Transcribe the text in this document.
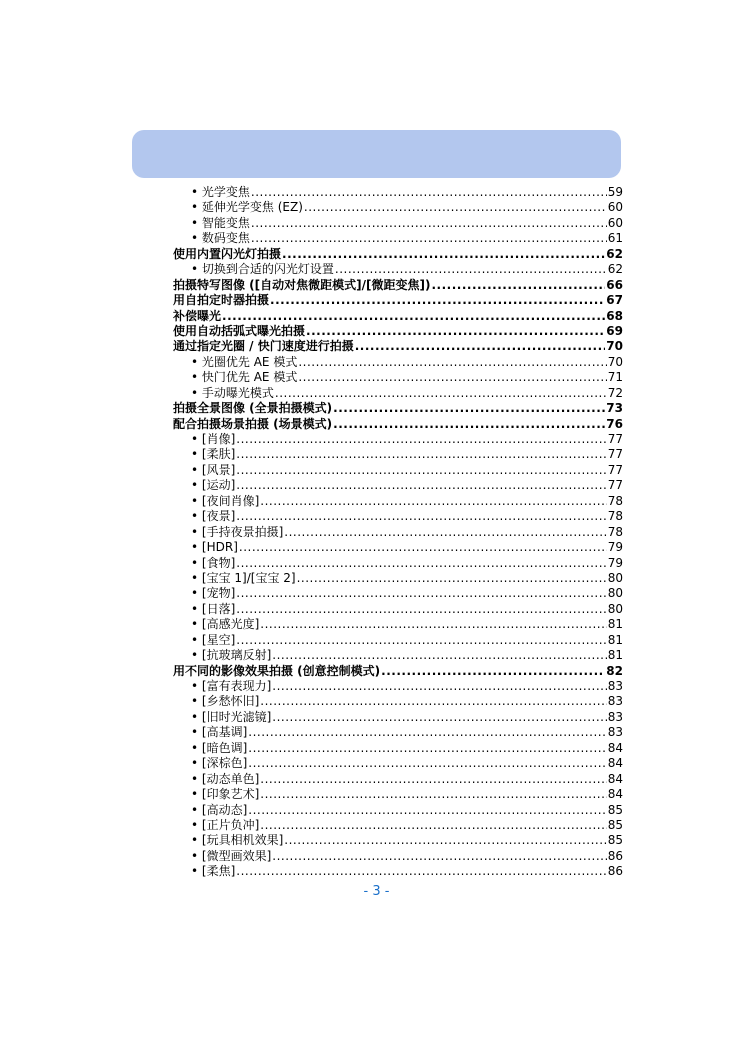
• 光学变焦 .....	59
• 延伸光学变焦 (EZ) .....	60
• 智能变焦 .....	60
• 数码变焦 .....	61
使用内置闪光灯拍摄 .....	62
• 切换到合适的闪光灯设置 .....	62
拍摄特写图像 ([自动对焦微距模式]/[微距变焦]) .....	66
用自拍定时器拍摄 .....	67
补偿曝光 .....	68
使用自动括弧式曝光拍摄 .....	69
通过指定光圈 / 快门速度进行拍摄 .....	70
• 光圈优先 AE 模式 .....	70
• 快门优先 AE 模式 .....	71
• 手动曝光模式 .....	72
拍摄全景图像 (全景拍摄模式) .....	73
配合拍摄场景拍摄 (场景模式) .....	76
• [肖像] .....	77
• [柔肤] .....	77
• [风景] .....	77
• [运动] .....	77
• [夜间肖像] .....	78
• [夜景] .....	78
• [手持夜景拍摄] .....	78
• [HDR] .....	79
• [食物] .....	79
• [宝宝 1]/[宝宝 2] .....	80
• [宠物] .....	80
• [日落] .....	80
• [高感光度] .....	81
• [星空] .....	81
• [抗玻璃反射] .....	81
用不同的影像效果拍摄 (创意控制模式) .....	82
• [富有表现力] .....	83
• [乡愁怀旧] .....	83
• [旧时光滤镜] .....	83
• [高基调] .....	83
• [暗色调] .....	84
• [深棕色] .....	84
• [动态单色] .....	84
• [印象艺术] .....	84
• [高动态] .....	85
• [正片负冲] .....	85
• [玩具相机效果] .....	85
• [微型画效果] .....	86
• [柔焦] .....	86
- 3 -
